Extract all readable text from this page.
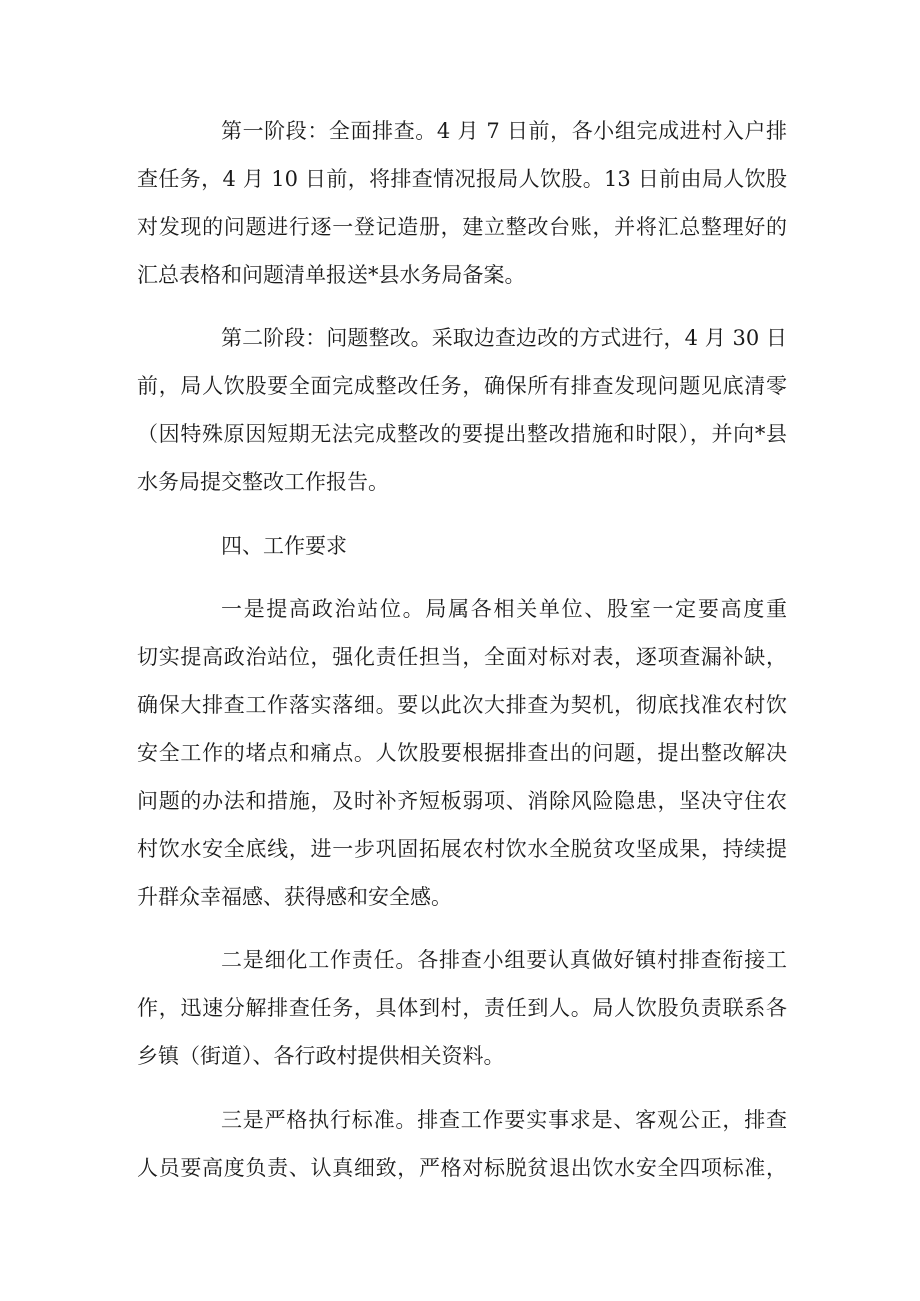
第一阶段：全面排查。4 月 7 日前，各小组完成进村入户排
查任务，4 月 10 日前，将排查情况报局人饮股。13 日前由局人饮股
对发现的问题进行逐一登记造册，建立整改台账，并将汇总整理好的
汇总表格和问题清单报送*县水务局备案。
第二阶段：问题整改。采取边查边改的方式进行，4 月 30 日
前，局人饮股要全面完成整改任务，确保所有排查发现问题见底清零
（因特殊原因短期无法完成整改的要提出整改措施和时限），并向*县
水务局提交整改工作报告。
四、工作要求
一是提高政治站位。局属各相关单位、股室一定要高度重
切实提高政治站位，强化责任担当，全面对标对表，逐项查漏补缺，
确保大排查工作落实落细。要以此次大排查为契机，彻底找准农村饮
安全工作的堵点和痛点。人饮股要根据排查出的问题，提出整改解决
问题的办法和措施，及时补齐短板弱项、消除风险隐患，坚决守住农
村饮水安全底线，进一步巩固拓展农村饮水全脱贫攻坚成果，持续提
升群众幸福感、获得感和安全感。
二是细化工作责任。各排查小组要认真做好镇村排查衔接工
作，迅速分解排查任务，具体到村，责任到人。局人饮股负责联系各
乡镇（街道）、各行政村提供相关资料。
三是严格执行标准。排查工作要实事求是、客观公正，排查
人员要高度负责、认真细致，严格对标脱贫退出饮水安全四项标准，
